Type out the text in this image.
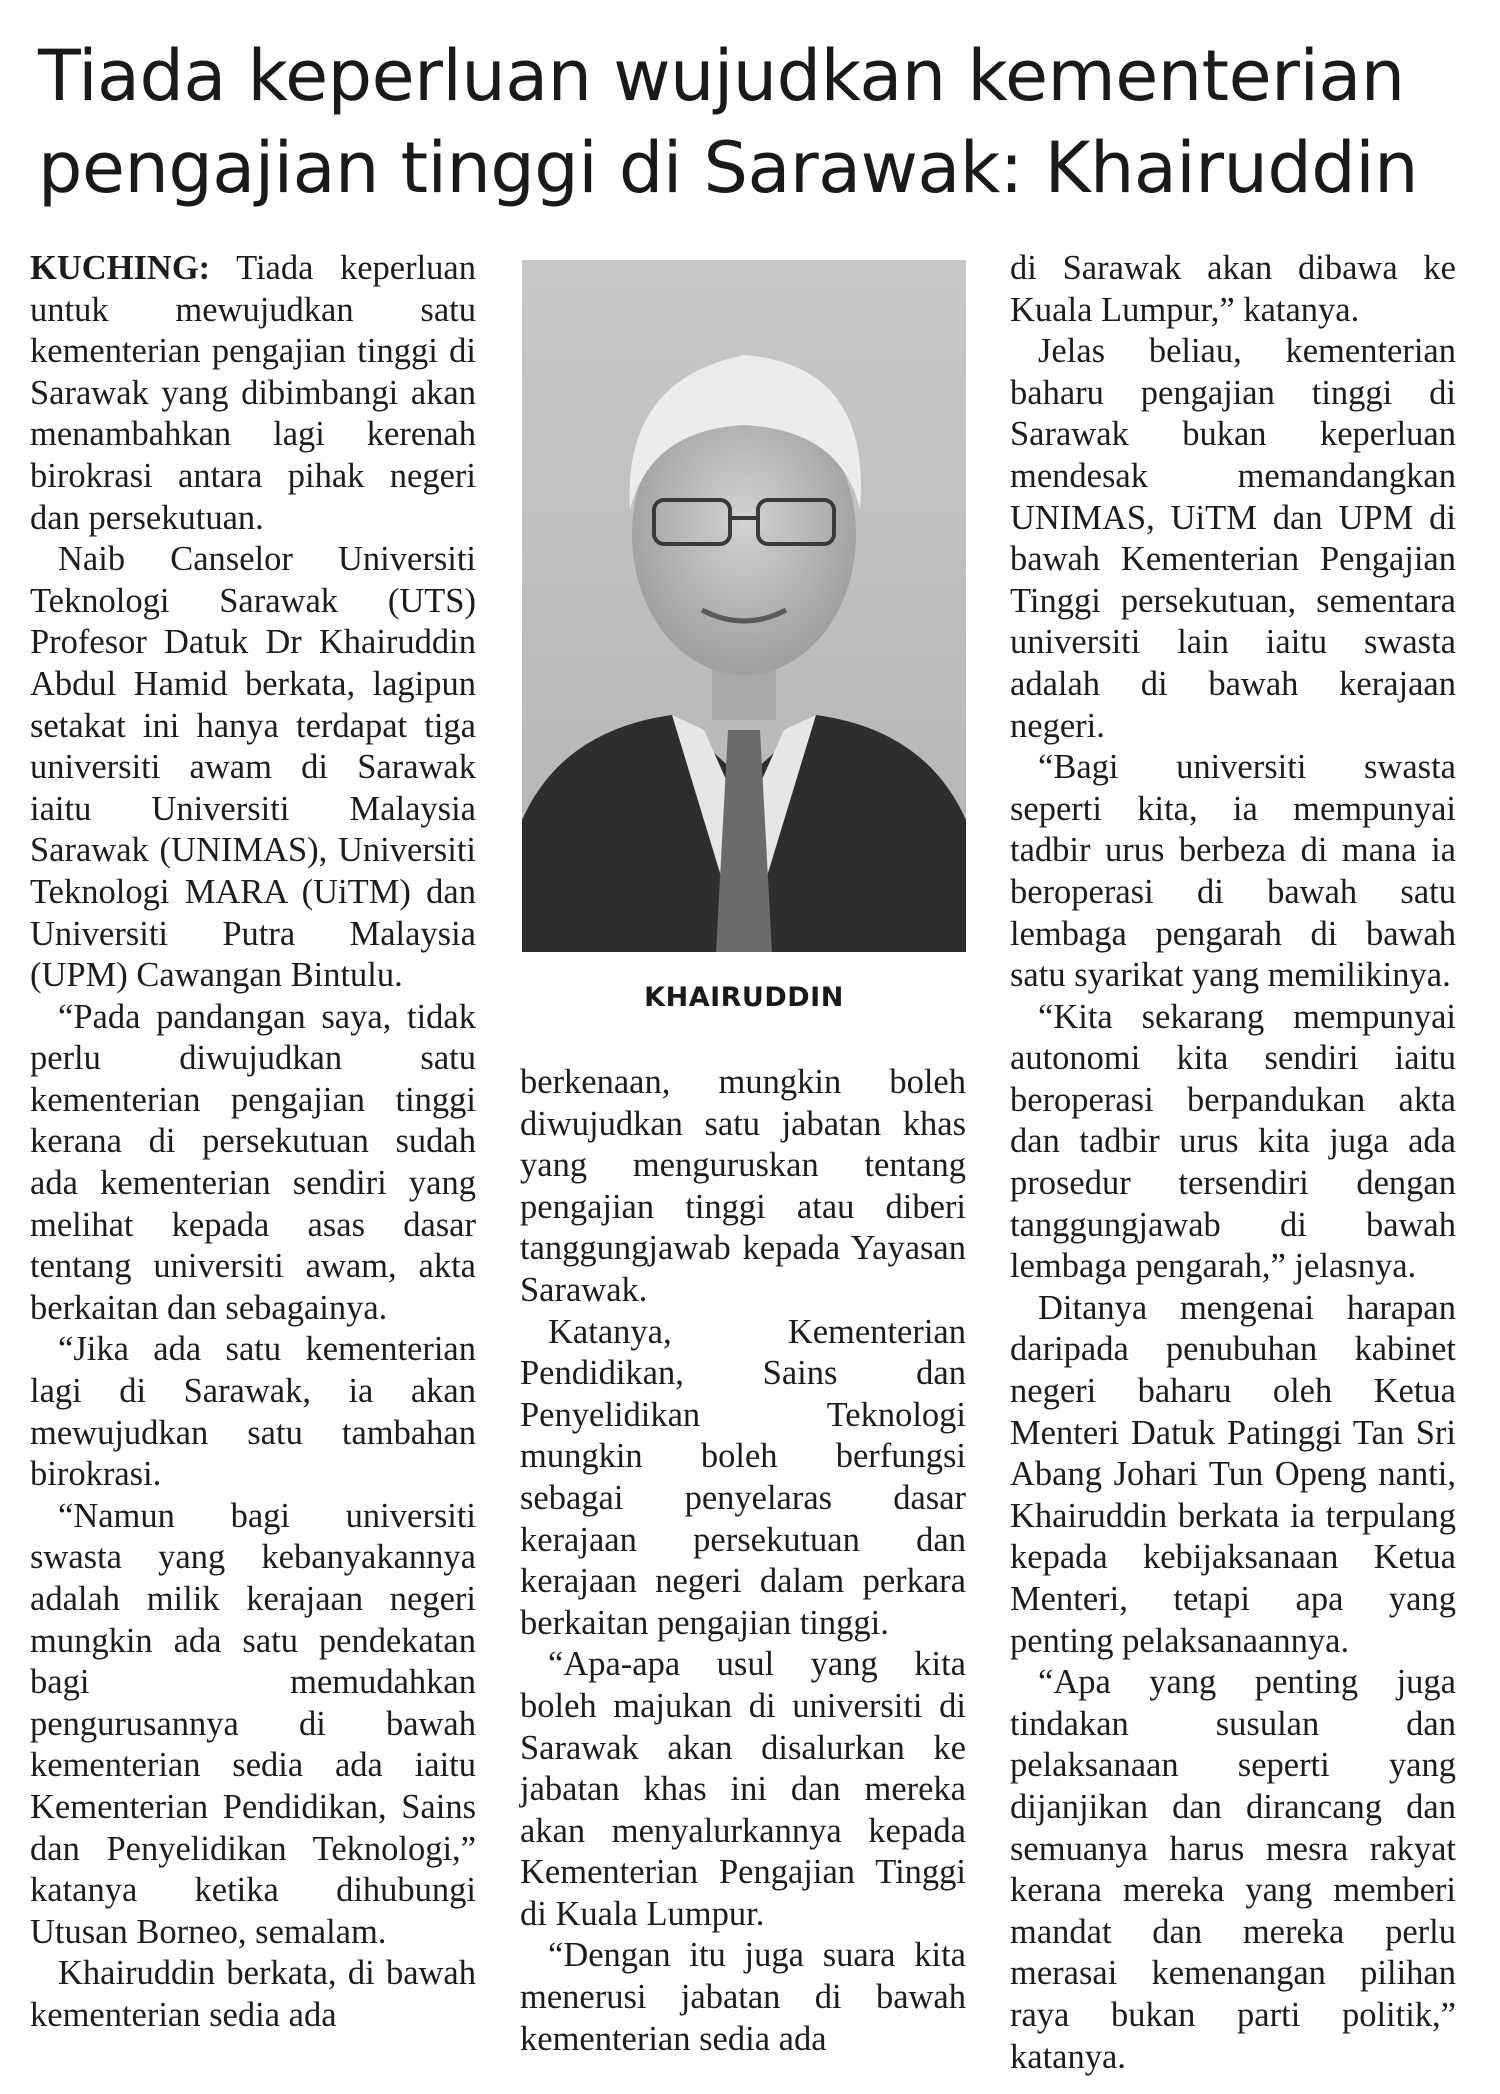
Tiada keperluan wujudkan kementerian pengajian tinggi di Sarawak: Khairuddin

KUCHING: Tiada keperluan untuk mewujudkan satu kementerian pengajian tinggi di Sarawak yang dibimbangi akan menambahkan lagi kerenah birokrasi antara pihak negeri dan persekutuan.

Naib Canselor Universiti Teknologi Sarawak (UTS) Profesor Datuk Dr Khairuddin Abdul Hamid berkata, lagipun setakat ini hanya terdapat tiga universiti awam di Sarawak iaitu Universiti Malaysia Sarawak (UNIMAS), Universiti Teknologi MARA (UiTM) dan Universiti Putra Malaysia (UPM) Cawangan Bintulu.

“Pada pandangan saya, tidak perlu diwujudkan satu kementerian pengajian tinggi kerana di persekutuan sudah ada kementerian sendiri yang melihat kepada asas dasar tentang universiti awam, akta berkaitan dan sebagainya.

“Jika ada satu kementerian lagi di Sarawak, ia akan mewujudkan satu tambahan birokrasi.

“Namun bagi universiti swasta yang kebanyakannya adalah milik kerajaan negeri mungkin ada satu pendekatan bagi memudahkan pengurusannya di bawah kementerian sedia ada iaitu Kementerian Pendidikan, Sains dan Penyelidikan Teknologi,” katanya ketika dihubungi Utusan Borneo, semalam.

Khairuddin berkata, di bawah kementerian sedia ada

KHAIRUDDIN

berkenaan, mungkin boleh diwujudkan satu jabatan khas yang menguruskan tentang pengajian tinggi atau diberi tanggungjawab kepada Yayasan Sarawak.

Katanya, Kementerian Pendidikan, Sains dan Penyelidikan Teknologi mungkin boleh berfungsi sebagai penyelaras dasar kerajaan persekutuan dan kerajaan negeri dalam perkara berkaitan pengajian tinggi.

“Apa-apa usul yang kita boleh majukan di universiti di Sarawak akan disalurkan ke jabatan khas ini dan mereka akan menyalurkannya kepada Kementerian Pengajian Tinggi di Kuala Lumpur.

“Dengan itu juga suara kita menerusi jabatan di bawah kementerian sedia ada

di Sarawak akan dibawa ke Kuala Lumpur,” katanya.

Jelas beliau, kementerian baharu pengajian tinggi di Sarawak bukan keperluan mendesak memandangkan UNIMAS, UiTM dan UPM di bawah Kementerian Pengajian Tinggi persekutuan, sementara universiti lain iaitu swasta adalah di bawah kerajaan negeri.

“Bagi universiti swasta seperti kita, ia mempunyai tadbir urus berbeza di mana ia beroperasi di bawah satu lembaga pengarah di bawah satu syarikat yang memilikinya.

“Kita sekarang mempunyai autonomi kita sendiri iaitu beroperasi berpandukan akta dan tadbir urus kita juga ada prosedur tersendiri dengan tanggungjawab di bawah lembaga pengarah,” jelasnya.

Ditanya mengenai harapan daripada penubuhan kabinet negeri baharu oleh Ketua Menteri Datuk Patinggi Tan Sri Abang Johari Tun Openg nanti, Khairuddin berkata ia terpulang kepada kebijaksanaan Ketua Menteri, tetapi apa yang penting pelaksanaannya.

“Apa yang penting juga tindakan susulan dan pelaksanaan seperti yang dijanjikan dan dirancang dan semuanya harus mesra rakyat kerana mereka yang memberi mandat dan mereka perlu merasai kemenangan pilihan raya bukan parti politik,” katanya.
